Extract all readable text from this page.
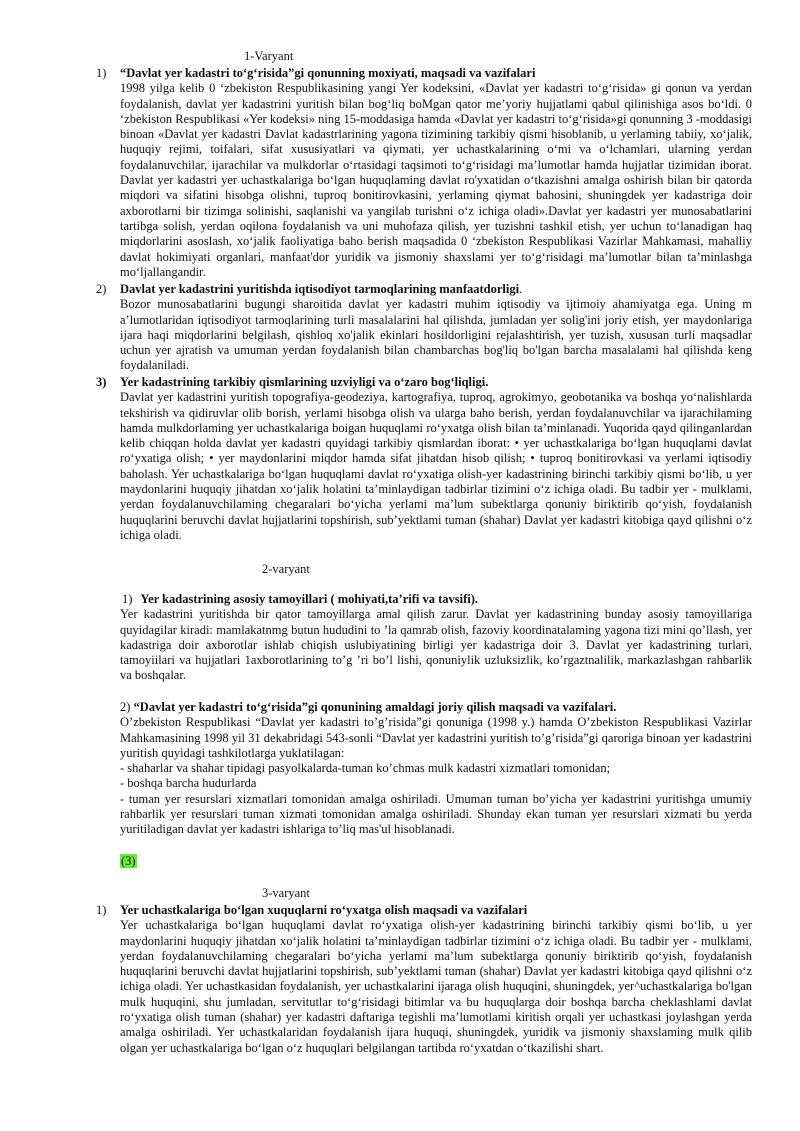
1-Varyant
1)	“Davlat yer kadastri to‘g‘risida”gi qonunning moxiyati, maqsadi va vazifalari
1998 yilga kelib 0 ‘zbekiston Respublikasining yangi Yer kodeksini, «Davlat yer kadastri to‘g‘risida» gi qonun va yerdan foydalanish, davlat yer kadastrini yuritish bilan bog‘liq boMgan qator me’yoriy hujjatlami qabul qilinishiga asos bo‘ldi. 0 ‘zbekiston Respublikasi «Yer kodeksi» ning 15-moddasiga hamda «Davlat yer kadastri to‘g‘risida»gi qonunning 3 -moddasigi binoan «Davlat yer kadastri Davlat kadastrlarining yagona tizimining tarkibiy qismi hisoblanib, u yerlaming tabiiy, xo‘jalik, huquqiy rejimi, toifalari, sifat xususiyatlari va qiymati, yer uchastkalarining o‘mi va o‘lchamlari, ularning yerdan foydalanuvchilar, ijarachilar va mulkdorlar o‘rtasidagi taqsimoti to‘g‘risidagi ma’lumotlar hamda hujjatlar tizimidan iborat. Davlat yer kadastri yer uchastkalariga bo‘lgan huquqlaming davlat ro'yxatidan o‘tkazishni amalga oshirish bilan bir qatorda miqdori va sifatini hisobga olishni, tuproq bonitirovkasini, yerlaming qiymat bahosini, shuningdek yer kadastriga doir axborotlarni bir tizimga solinishi, saqlanishi va yangilab turishni o‘z ichiga oladi».Davlat yer kadastri yer munosabatlarini tartibga solish, yerdan oqilona foydalanish va uni muhofaza qilish, yer tuzishni tashkil etish, yer uchun to‘lanadigan haq miqdorlarini asoslash, xo‘jalik faoliyatiga baho berish maqsadida 0 ‘zbekiston Respublikasi Vazirlar Mahkamasi, mahalliy davlat hokimiyati organlari, manfaat'dor yuridik va jismoniy shaxslami yer to‘g‘risidagi ma’lumotlar bilan ta’minlashga mo‘ljallangandir.
2)	Davlat yer kadastrini yuritishda iqtisodiyot tarmoqlarining manfaatdorligi.
Bozor munosabatlarini bugungi sharoitida davlat yer kadastri muhim iqtisodiy va ijtimoiy ahamiyatga ega. Uning m a’lumotlaridan iqtisodiyot tarmoqlarining turli masalalarini hal qilishda, jumladan yer solig'ini joriy etish, yer maydonlariga ijara haqi miqdorlarini belgilash, qishloq xo'jalik ekinlari hosildorligini rejalashtirish, yer tuzish, xususan turli maqsadlar uchun yer ajratish va umuman yerdan foydalanish bilan chambarchas bog'liq bo'lgan barcha masalalami hal qilishda keng foydalaniladi.
3)	Yer kadastrining tarkibiy qismlarining uzviyligi va o‘zaro bog‘liqligi.
Davlat yer kadastrini yuritish topografiya-geodeziya, kartografiya, tuproq, agrokimyo, geobotanika va boshqa yo‘nalishlarda tekshirish va qidiruvlar olib borish, yerlami hisobga olish va ularga baho berish, yerdan foydalanuvchilar va ijarachilaming hamda mulkdorlaming yer uchastkalariga boigan huquqlami ro‘yxatga olish bilan ta’minlanadi. Yuqorida qayd qilinganlardan kelib chiqqan holda davlat yer kadastri quyidagi tarkibiy qismlardan iborat: • yer uchastkalariga bo‘lgan huquqlami davlat ro‘yxatiga olish; • yer maydonlarini miqdor hamda sifat jihatdan hisob qilish; • tuproq bonitirovkasi va yerlami iqtisodiy baholash. Yer uchastkalariga bo‘lgan huquqlami davlat ro‘yxatiga olish-yer kadastrining birinchi tarkibiy qismi bo‘lib, u yer maydonlarini huquqiy jihatdan xo‘jalik holatini ta’minlaydigan tadbirlar tizimini o‘z ichiga oladi. Bu tadbir yer - mulklami, yerdan foydalanuvchilaming chegaralari bo‘yicha yerlami ma’lum subektlarga qonuniy biriktirib qo‘yish, foydalanish huquqlarini beruvchi davlat hujjatlarini topshirish, sub’yektlami tuman (shahar) Davlat yer kadastri kitobiga qayd qilishni o‘z ichiga oladi.
2-varyant
1) Yer kadastrining asosiy tamoyillari ( mohiyati,ta’rifi va tavsifi).
Yer kadastrini yuritishda bir qator tamoyillarga amal qilish zarur. Davlat yer kadastrining bunday asosiy tamoyillariga quyidagilar kiradi: mamlakatnmg butun hududini to ’la qamrab olish, fazoviy koordinatalaming yagona tizi mini qo’llash, yer kadastriga doir axborotlar ishlab chiqish uslubiyatining birligi yer kadastriga doir 3. Davlat yer kadastrining turlari, tamoyiilari va hujjatlari 1axborotlarining to’g ’ri bo’l lishi, qonuniylik uzluksizlik, ko’rgaztnalilik, markazlashgan rahbarlik va boshqalar.
2) “Davlat yer kadastri to‘g‘risida”gi qonunining amaldagi joriy qilish maqsadi va vazifalari.
O’zbekiston Respublikasi “Davlat yer kadastri to’g’risida”gi qonuniga (1998 y.) hamda O’zbekiston Respublikasi Vazirlar Mahkamasining 1998 yil 31 dekabridagi 543-sonli “Davlat yer kadastrini yuritish to’g’risida”gi qaroriga binoan yer kadastrini yuritish quyidagi tashkilotlarga yuklatilagan:
- shaharlar va shahar tipidagi pasyolkalarda-tuman ko’chmas mulk kadastri xizmatlari tomonidan;
- boshqa barcha hudurlarda
- tuman yer resurslari xizmatlari tomonidan amalga oshiriladi. Umuman tuman bo’yicha yer kadastrini yuritishga umumiy rahbarlik yer resurslari tuman xizmati tomonidan amalga oshiriladi. Shunday ekan tuman yer resurslari xizmati bu yerda yuritiladigan davlat yer kadastri ishlariga to’liq mas'ul hisoblanadi.
(3)
3-varyant
1)	Yer uchastkalariga bo‘lgan xuquqlarni ro‘yxatga olish maqsadi va vazifalari
Yer uchastkalariga bo‘lgan huquqlami davlat ro‘yxatiga olish-yer kadastrining birinchi tarkibiy qismi bo‘lib, u yer maydonlarini huquqiy jihatdan xo‘jalik holatini ta’minlaydigan tadbirlar tizimini o‘z ichiga oladi. Bu tadbir yer - mulklami, yerdan foydalanuvchilaming chegaralari bo‘yicha yerlami ma’lum subektlarga qonuniy biriktirib qo‘yish, foydalanish huquqlarini beruvchi davlat hujjatlarini topshirish, sub’yektlami tuman (shahar) Davlat yer kadastri kitobiga qayd qilishni o‘z ichiga oladi. Yer uchastkasidan foydalanish, yer uchastkalarini ijaraga olish huquqini, shuningdek, yer^uchastkalariga bo'lgan mulk huquqini, shu jumladan, servitutlar to‘g‘risidagi bitimlar va bu huquqlarga doir boshqa barcha cheklashlami davlat ro‘yxatiga olish tuman (shahar) yer kadastri daftariga tegishli ma’lumotlami kiritish orqali yer uchastkasi joylashgan yerda amalga oshiriladi. Yer uchastkalaridan foydalanish ijara huquqi, shuningdek, yuridik va jismoniy shaxslaming mulk qilib olgan yer uchastkalariga bo‘lgan o‘z huquqlari belgilangan tartibda ro‘yxatdan o‘tkazilishi shart.
